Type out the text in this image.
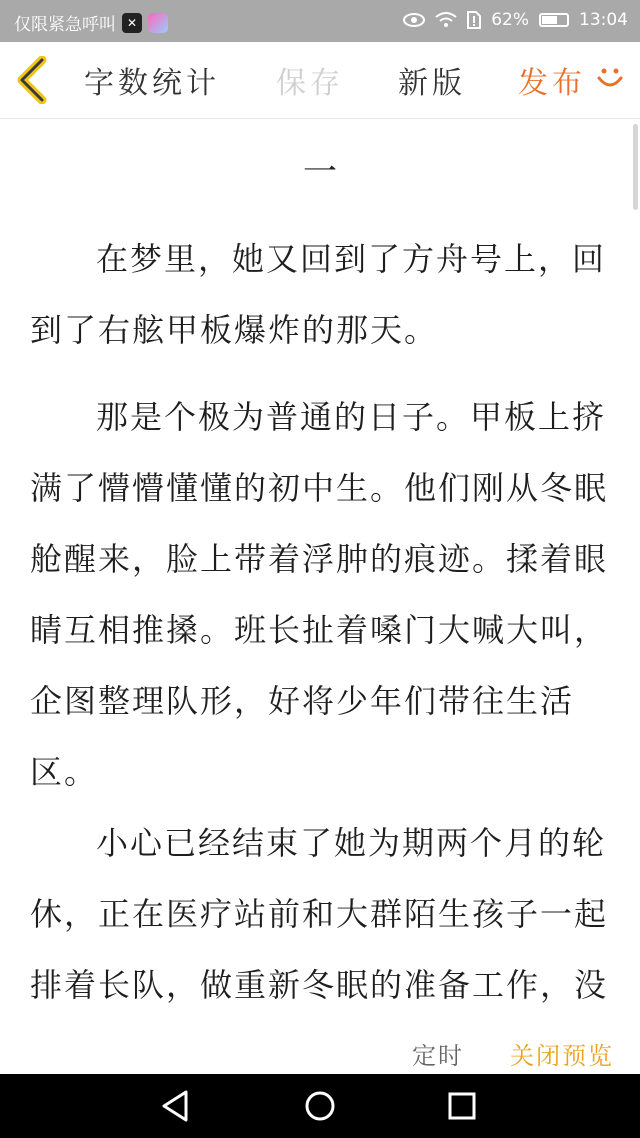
仅限紧急呼叫 ✕	62%	13:04
字数统计 保存 新版 发布
一

在梦里，她又回到了方舟号上，回到了右舷甲板爆炸的那天。

那是个极为普通的日子。甲板上挤满了懵懵懂懂的初中生。他们刚从冬眠舱醒来，脸上带着浮肿的痕迹。揉着眼睛互相推搡。班长扯着嗓门大喊大叫，企图整理队形，好将少年们带往生活区。

小心已经结束了她为期两个月的轮休，正在医疗站前和大群陌生孩子一起排着长队，做重新冬眠的准备工作，没

定时 关闭预览
